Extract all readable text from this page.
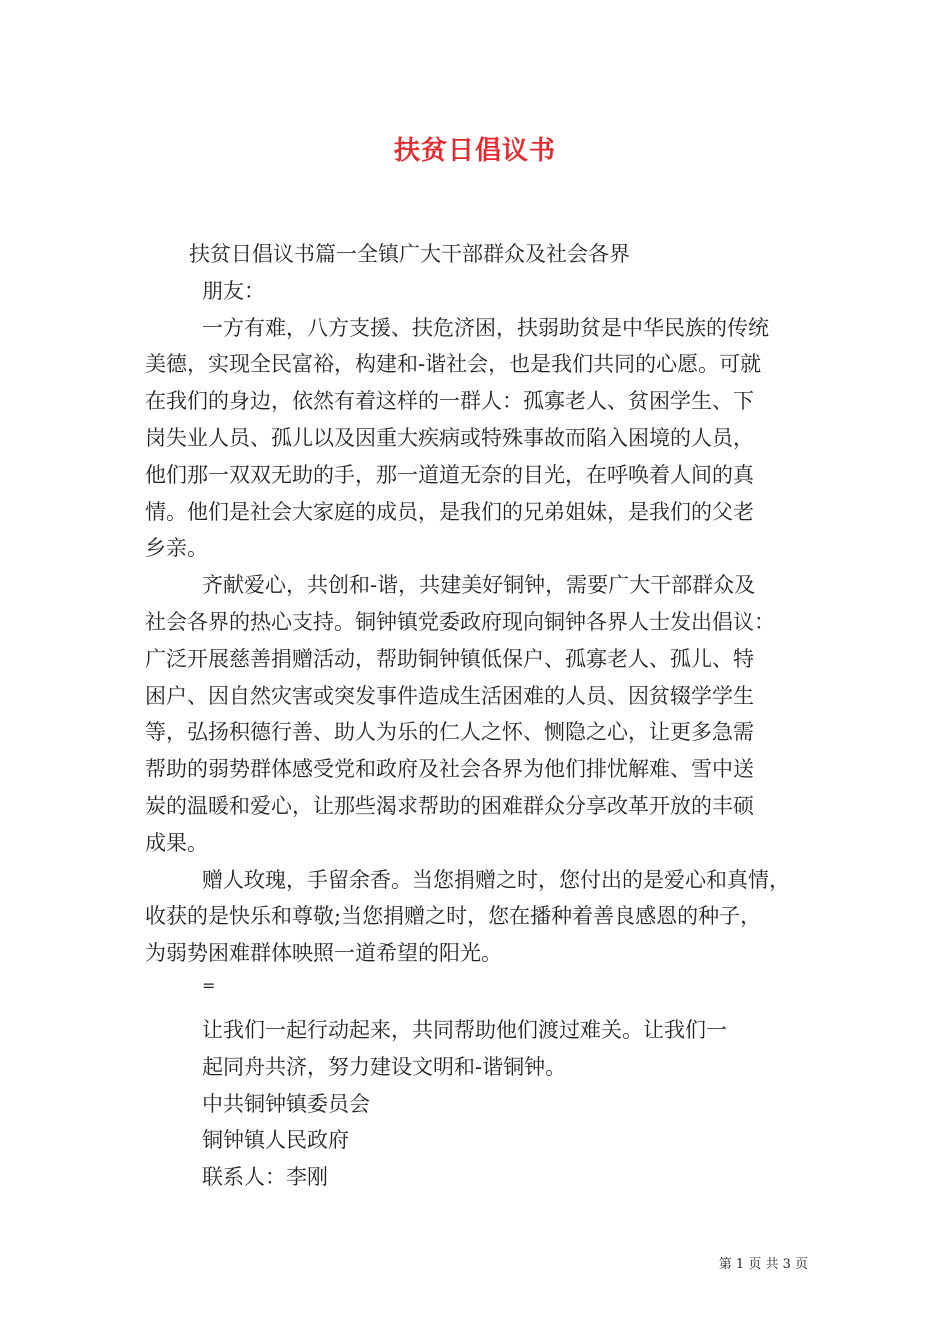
扶贫日倡议书
扶贫日倡议书篇一全镇广大干部群众及社会各界
朋友：
一方有难，八方支援、扶危济困，扶弱助贫是中华民族的传统
美德，实现全民富裕，构建和-谐社会，也是我们共同的心愿。可就
在我们的身边，依然有着这样的一群人：孤寡老人、贫困学生、下
岗失业人员、孤儿以及因重大疾病或特殊事故而陷入困境的人员，
他们那一双双无助的手，那一道道无奈的目光，在呼唤着人间的真
情。他们是社会大家庭的成员，是我们的兄弟姐妹，是我们的父老
乡亲。
齐献爱心，共创和-谐，共建美好铜钟，需要广大干部群众及
社会各界的热心支持。铜钟镇党委政府现向铜钟各界人士发出倡议：
广泛开展慈善捐赠活动，帮助铜钟镇低保户、孤寡老人、孤儿、特
困户、因自然灾害或突发事件造成生活困难的人员、因贫辍学学生
等，弘扬积德行善、助人为乐的仁人之怀、恻隐之心，让更多急需
帮助的弱势群体感受党和政府及社会各界为他们排忧解难、雪中送
炭的温暖和爱心，让那些渴求帮助的困难群众分享改革开放的丰硕
成果。
赠人玫瑰，手留余香。当您捐赠之时，您付出的是爱心和真情，
收获的是快乐和尊敬;当您捐赠之时，您在播种着善良感恩的种子，
为弱势困难群体映照一道希望的阳光。
=
让我们一起行动起来，共同帮助他们渡过难关。让我们一
起同舟共济，努力建设文明和-谐铜钟。
中共铜钟镇委员会
铜钟镇人民政府
联系人：李刚
第 1 页 共 3 页
